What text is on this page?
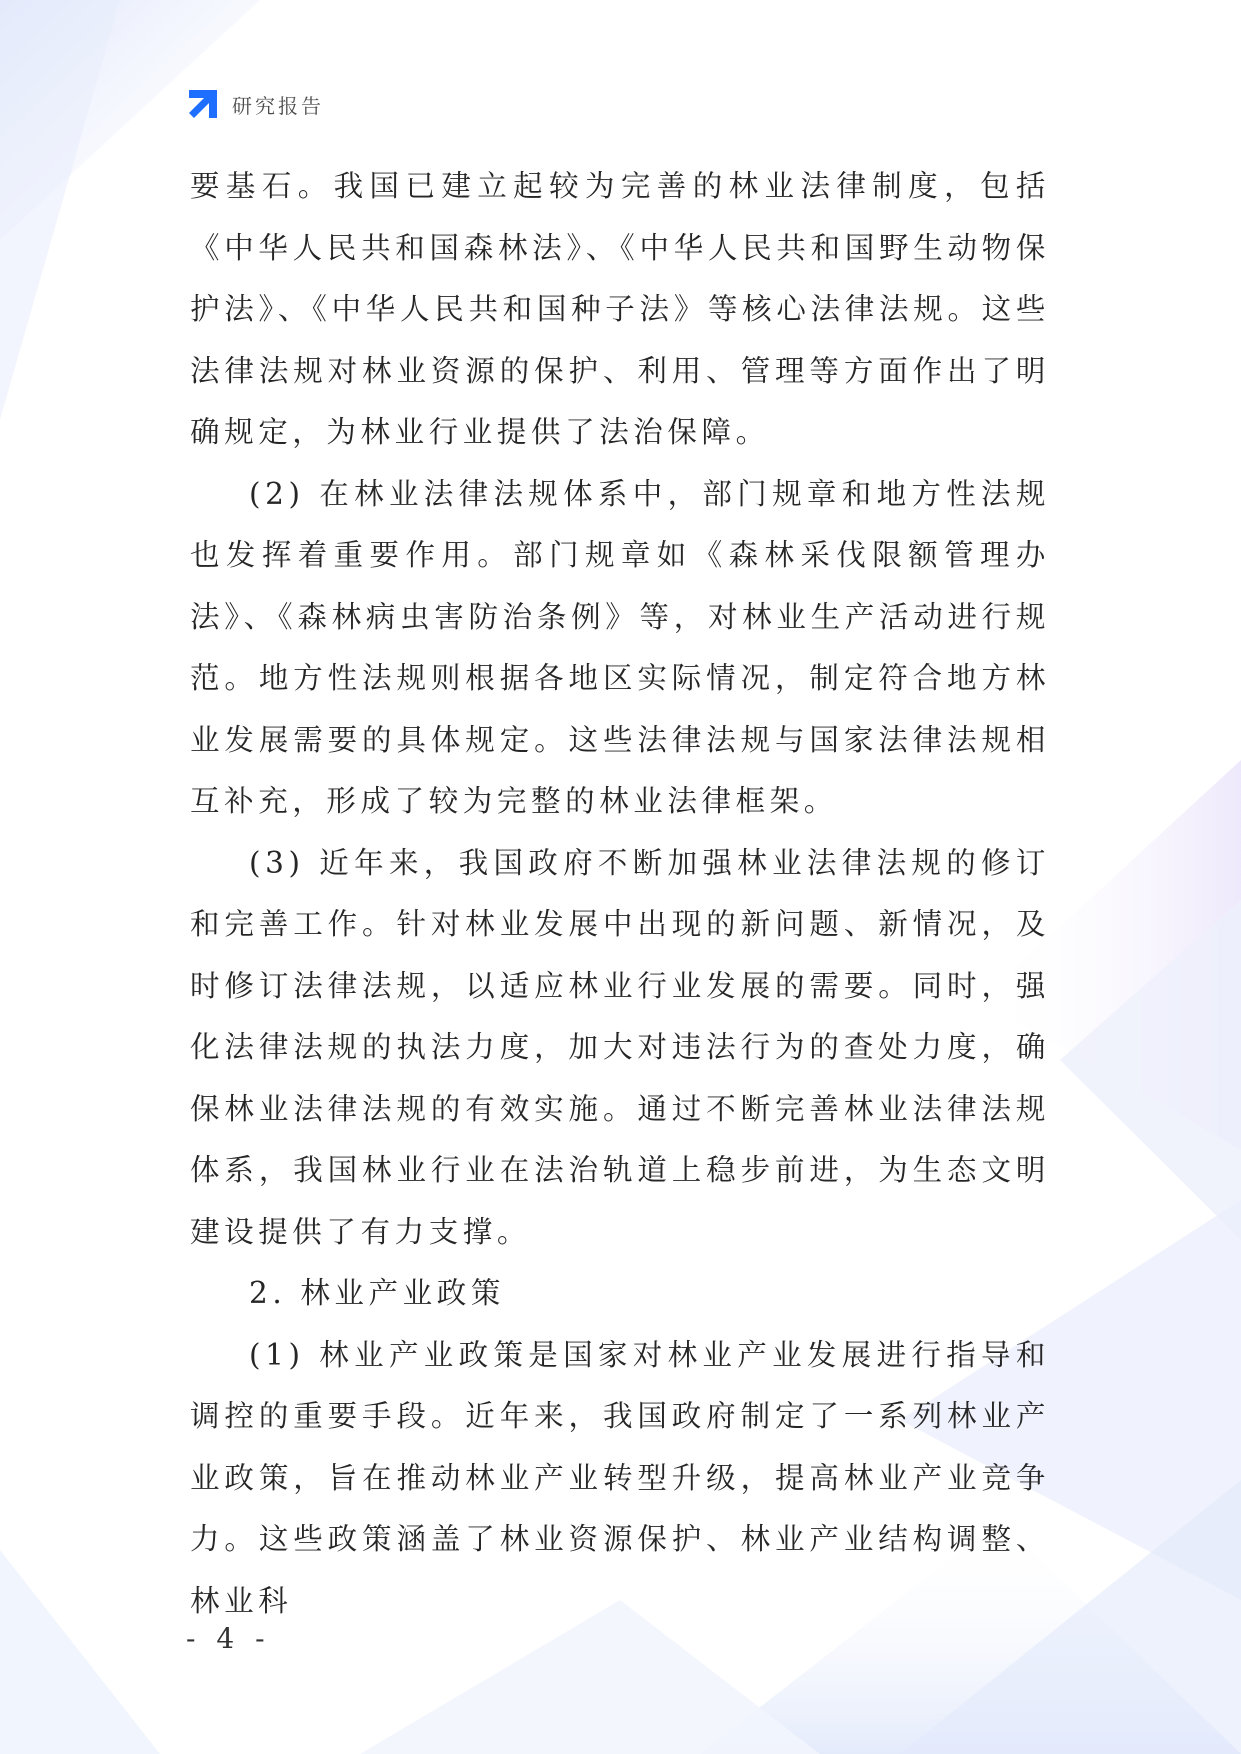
研究报告

要基石。我国已建立起较为完善的林业法律制度，包括《中华人民共和国森林法》、《中华人民共和国野生动物保护法》、《中华人民共和国种子法》等核心法律法规。这些法律法规对林业资源的保护、利用、管理等方面作出了明确规定，为林业行业提供了法治保障。

(2) 在林业法律法规体系中，部门规章和地方性法规也发挥着重要作用。部门规章如《森林采伐限额管理办法》、《森林病虫害防治条例》等，对林业生产活动进行规范。地方性法规则根据各地区实际情况，制定符合地方林业发展需要的具体规定。这些法律法规与国家法律法规相互补充，形成了较为完整的林业法律框架。

(3) 近年来，我国政府不断加强林业法律法规的修订和完善工作。针对林业发展中出现的新问题、新情况，及时修订法律法规，以适应林业行业发展的需要。同时，强化法律法规的执法力度，加大对违法行为的查处力度，确保林业法律法规的有效实施。通过不断完善林业法律法规体系，我国林业行业在法治轨道上稳步前进，为生态文明建设提供了有力支撑。

2. 林业产业政策

(1) 林业产业政策是国家对林业产业发展进行指导和调控的重要手段。近年来，我国政府制定了一系列林业产业政策，旨在推动林业产业转型升级，提高林业产业竞争力。这些政策涵盖了林业资源保护、林业产业结构调整、林业科

- 4 -
